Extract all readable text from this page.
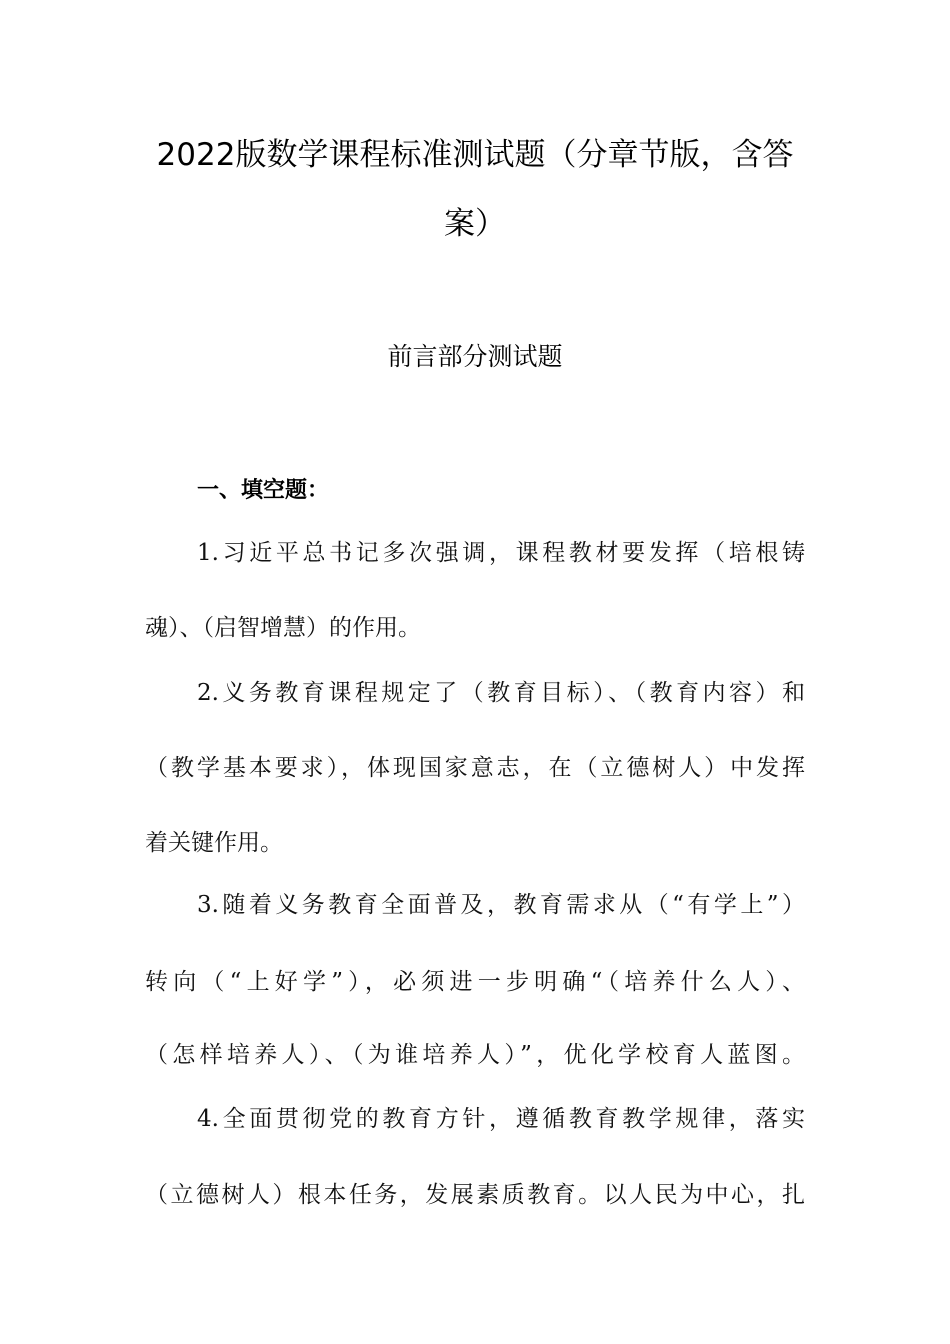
2022版数学课程标准测试题（分章节版，含答
案）
前言部分测试题
一、填空题：
1.习近平总书记多次强调，课程教材要发挥（培根铸
魂）、（启智增慧）的作用。
2.义务教育课程规定了（教育目标）、（教育内容）和
（教学基本要求），体现国家意志，在（立德树人）中发挥
着关键作用。
3.随着义务教育全面普及，教育需求从（“有学上”）
转向（“上好学”），必须进一步明确“（培养什么人）、
（怎样培养人）、（为谁培养人）”，优化学校育人蓝图。
4.全面贯彻党的教育方针，遵循教育教学规律，落实
（立德树人）根本任务，发展素质教育。以人民为中心，扎
